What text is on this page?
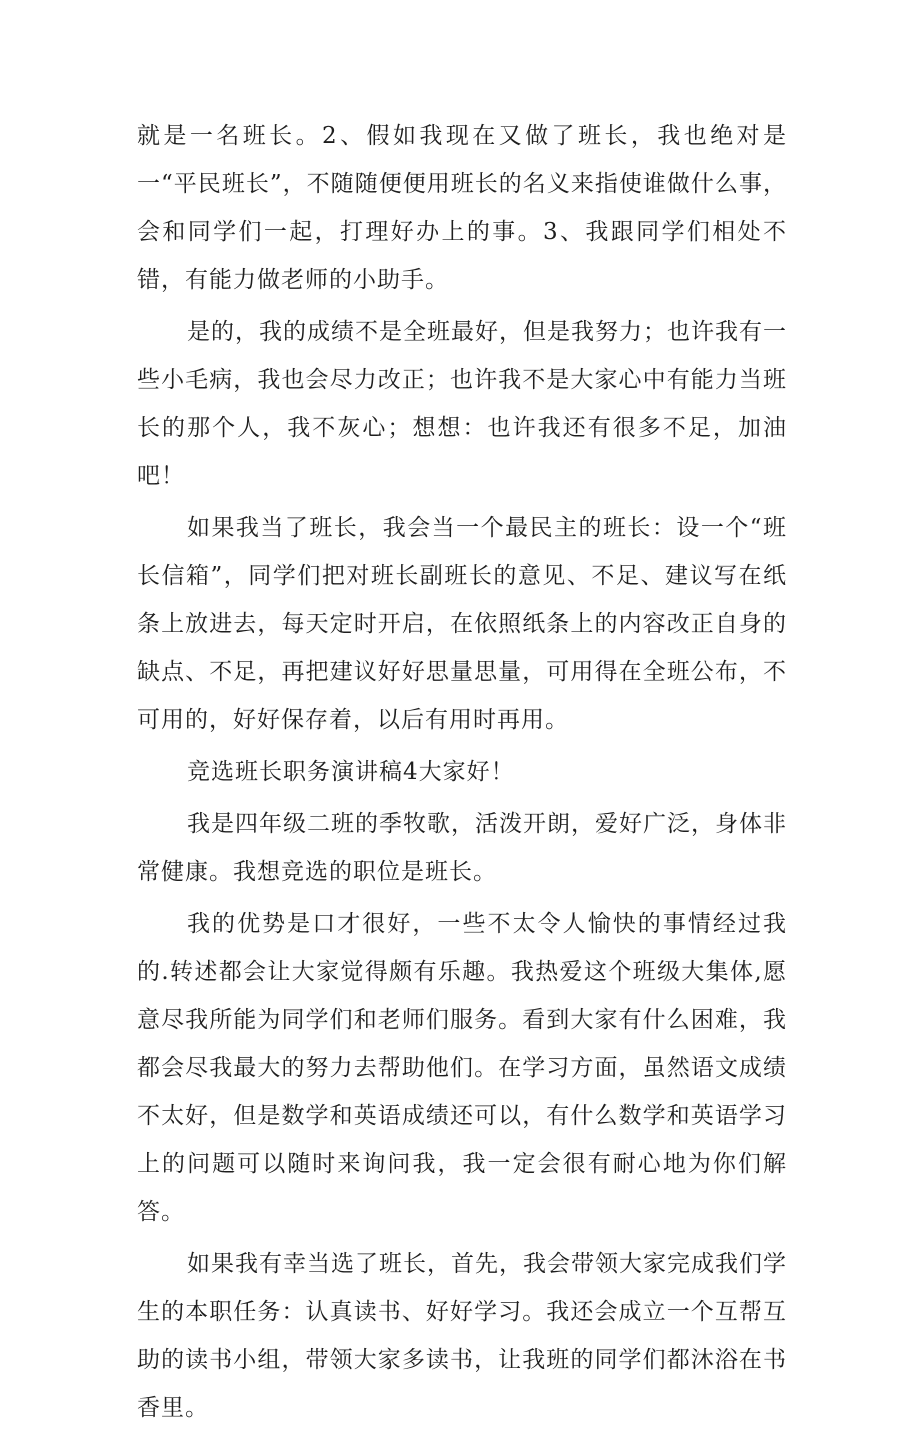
就是一名班长。2、假如我现在又做了班长，我也绝对是一“平民班长”，不随随便便用班长的名义来指使谁做什么事，会和同学们一起，打理好办上的事。3、我跟同学们相处不错，有能力做老师的小助手。

是的，我的成绩不是全班最好，但是我努力；也许我有一些小毛病，我也会尽力改正；也许我不是大家心中有能力当班长的那个人，我不灰心；想想：也许我还有很多不足，加油吧！

如果我当了班长，我会当一个最民主的班长：设一个“班长信箱”，同学们把对班长副班长的意见、不足、建议写在纸条上放进去，每天定时开启，在依照纸条上的内容改正自身的缺点、不足，再把建议好好思量思量，可用得在全班公布，不可用的，好好保存着，以后有用时再用。

竞选班长职务演讲稿4大家好！

我是四年级二班的季牧歌，活泼开朗，爱好广泛，身体非常健康。我想竞选的职位是班长。

我的优势是口才很好，一些不太令人愉快的事情经过我的.转述都会让大家觉得颇有乐趣。我热爱这个班级大集体,愿意尽我所能为同学们和老师们服务。看到大家有什么困难，我都会尽我最大的努力去帮助他们。在学习方面，虽然语文成绩不太好，但是数学和英语成绩还可以，有什么数学和英语学习上的问题可以随时来询问我，我一定会很有耐心地为你们解答。

如果我有幸当选了班长，首先，我会带领大家完成我们学生的本职任务：认真读书、好好学习。我还会成立一个互帮互助的读书小组，带领大家多读书，让我班的同学们都沐浴在书香里。
